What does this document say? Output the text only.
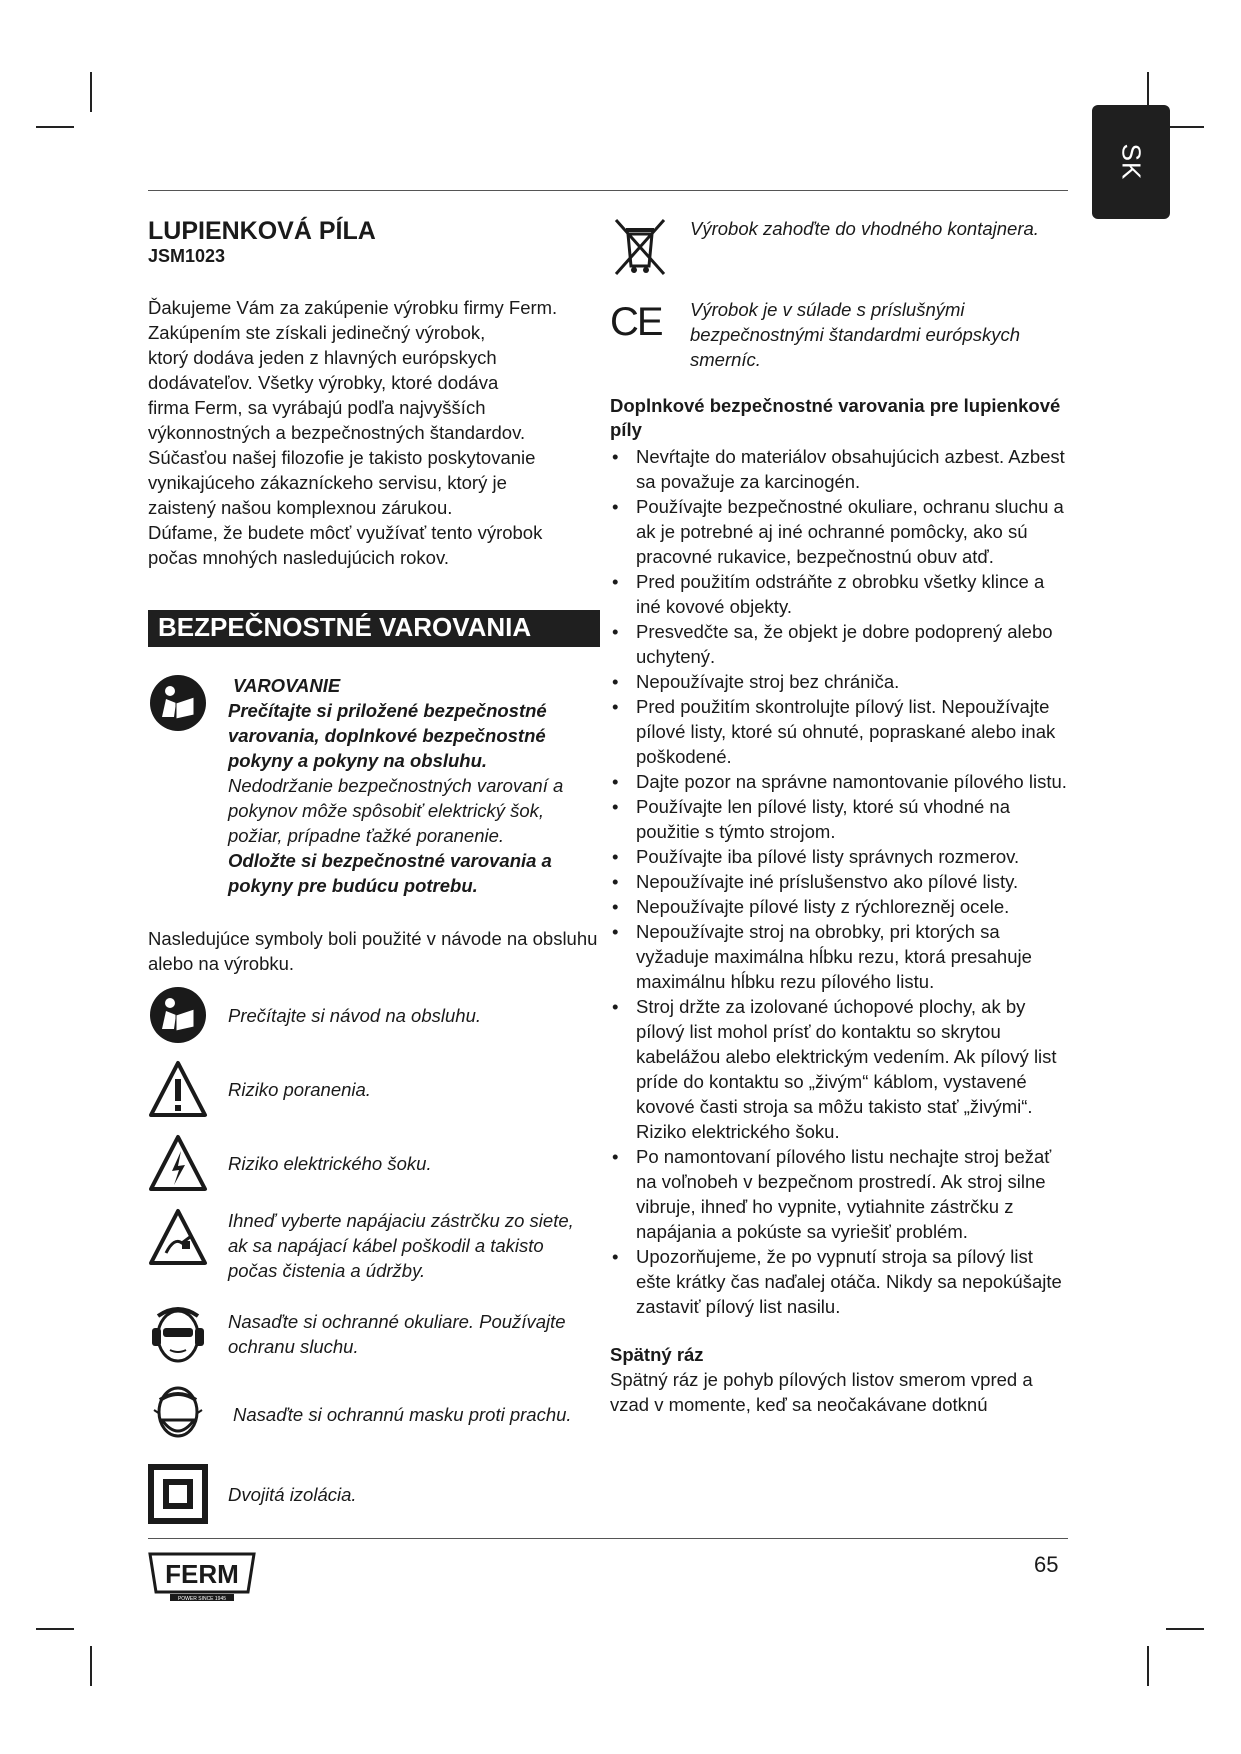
SK
LUPIENKOVÁ PÍLA
JSM1023
Ďakujeme Vám za zakúpenie výrobku firmy Ferm.
Zakúpením ste získali jedinečný výrobok,
ktorý dodáva jeden z hlavných európskych
dodávateľov. Všetky výrobky, ktoré dodáva
firma Ferm, sa vyrábajú podľa najvyšších
výkonnostných a bezpečnostných štandardov.
Súčasťou našej filozofie je takisto poskytovanie
vynikajúceho zákazníckeho servisu, ktorý je
zaistený našou komplexnou zárukou.
Dúfame, že budete môcť využívať tento výrobok
počas mnohých nasledujúcich rokov.
BEZPEČNOSTNÉ VAROVANIA
VAROVANIE
Prečítajte si priložené bezpečnostné varovania, doplnkové bezpečnostné pokyny a pokyny na obsluhu.
Nedodržanie bezpečnostných varovaní a pokynov môže spôsobiť elektrický šok, požiar, prípadne ťažké poranenie.
Odložte si bezpečnostné varovania a pokyny pre budúcu potrebu.
Nasledujúce symboly boli použité v návode na obsluhu alebo na výrobku.
Prečítajte si návod na obsluhu.
Riziko poranenia.
Riziko elektrického šoku.
Ihneď vyberte napájaciu zástrčku zo siete, ak sa napájací kábel poškodil a takisto počas čistenia a údržby.
Nasaďte si ochranné okuliare. Používajte ochranu sluchu.
Nasaďte si ochrannú masku proti prachu.
Dvojitá izolácia.
Výrobok zahoďte do vhodného kontajnera.
CE	Výrobok je v súlade s príslušnými bezpečnostnými štandardmi európskych smerníc.
Doplnkové bezpečnostné varovania pre lupienkové píly
• Nevŕtajte do materiálov obsahujúcich azbest. Azbest sa považuje za karcinogén.
• Používajte bezpečnostné okuliare, ochranu sluchu a ak je potrebné aj iné ochranné pomôcky, ako sú pracovné rukavice, bezpečnostnú obuv atď.
• Pred použitím odstráňte z obrobku všetky klince a iné kovové objekty.
• Presvedčte sa, že objekt je dobre podoprený alebo uchytený.
• Nepoužívajte stroj bez chrániča.
• Pred použitím skontrolujte pílový list. Nepoužívajte pílové listy, ktoré sú ohnuté, popraskané alebo inak poškodené.
• Dajte pozor na správne namontovanie pílového listu.
• Používajte len pílové listy, ktoré sú vhodné na použitie s týmto strojom.
• Používajte iba pílové listy správnych rozmerov.
• Nepoužívajte iné príslušenstvo ako pílové listy.
• Nepoužívajte pílové listy z rýchlorezněj ocele.
• Nepoužívajte stroj na obrobky, pri ktorých sa vyžaduje maximálna hĺbku rezu, ktorá presahuje maximálnu hĺbku rezu pílového listu.
• Stroj držte za izolované úchopové plochy, ak by pílový list mohol prísť do kontaktu so skrytou kabelážou alebo elektrickým vedením. Ak pílový list príde do kontaktu so „živým“ káblom, vystavené kovové časti stroja sa môžu takisto stať „živými“. Riziko elektrického šoku.
• Po namontovaní pílového listu nechajte stroj bežať na voľnobeh v bezpečnom prostredí. Ak stroj silne vibruje, ihneď ho vypnite, vytiahnite zástrčku z napájania a pokúste sa vyriešiť problém.
• Upozorňujeme, že po vypnutí stroja sa pílový list ešte krátky čas naďalej otáča. Nikdy sa nepokúšajte zastaviť pílový list nasilu.
Spätný ráz
Spätný ráz je pohyb pílových listov smerom vpred a vzad v momente, keď sa neočakávane dotknú
FERM
POWER SINCE 1945
65
